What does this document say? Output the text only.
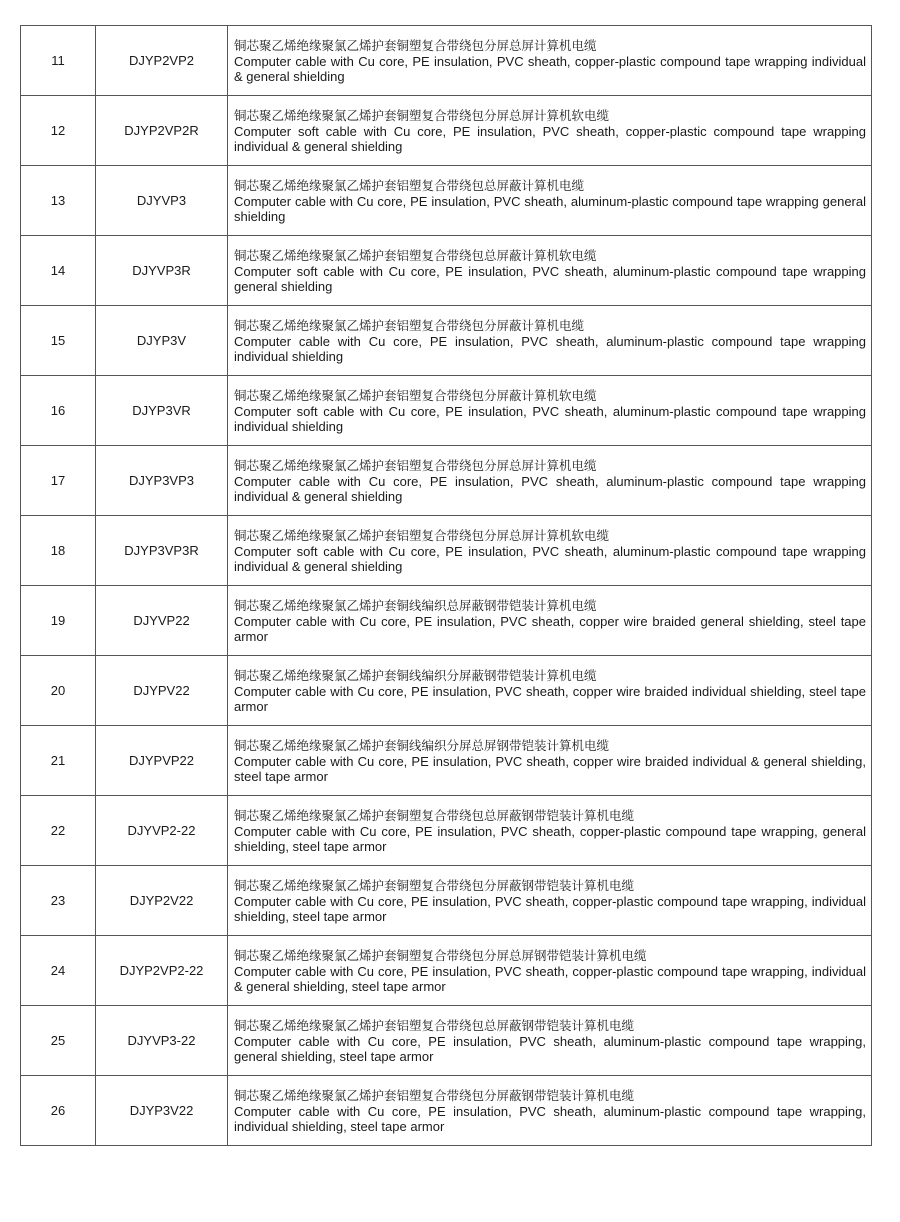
11	DJYP2VP2	铜芯聚乙烯绝缘聚氯乙烯护套铜塑复合带绕包分屏总屏计算机电缆
Computer cable with Cu core, PE insulation, PVC sheath, copper-plastic compound tape wrapping individual & general shielding

12	DJYP2VP2R	铜芯聚乙烯绝缘聚氯乙烯护套铜塑复合带绕包分屏总屏计算机软电缆
Computer soft cable with Cu core, PE insulation, PVC sheath, copper-plastic compound tape wrapping individual & general shielding

13	DJYVP3	铜芯聚乙烯绝缘聚氯乙烯护套铝塑复合带绕包总屏蔽计算机电缆
Computer cable with Cu core, PE insulation, PVC sheath, aluminum-plastic compound tape wrapping general shielding

14	DJYVP3R	铜芯聚乙烯绝缘聚氯乙烯护套铝塑复合带绕包总屏蔽计算机软电缆
Computer soft cable with Cu core, PE insulation, PVC sheath, aluminum-plastic compound tape wrapping general shielding

15	DJYP3V	铜芯聚乙烯绝缘聚氯乙烯护套铝塑复合带绕包分屏蔽计算机电缆
Computer cable with Cu core, PE insulation, PVC sheath, aluminum-plastic compound tape wrapping individual shielding

16	DJYP3VR	铜芯聚乙烯绝缘聚氯乙烯护套铝塑复合带绕包分屏蔽计算机软电缆
Computer soft cable with Cu core, PE insulation, PVC sheath, aluminum-plastic compound tape wrapping individual shielding

17	DJYP3VP3	铜芯聚乙烯绝缘聚氯乙烯护套铝塑复合带绕包分屏总屏计算机电缆
Computer cable with Cu core, PE insulation, PVC sheath, aluminum-plastic compound tape wrapping individual & general shielding

18	DJYP3VP3R	铜芯聚乙烯绝缘聚氯乙烯护套铝塑复合带绕包分屏总屏计算机软电缆
Computer soft cable with Cu core, PE insulation, PVC sheath, aluminum-plastic compound tape wrapping individual & general shielding

19	DJYVP22	铜芯聚乙烯绝缘聚氯乙烯护套铜线编织总屏蔽钢带铠装计算机电缆
Computer cable with Cu core, PE insulation, PVC sheath, copper wire braided general shielding, steel tape armor

20	DJYPV22	铜芯聚乙烯绝缘聚氯乙烯护套铜线编织分屏蔽钢带铠装计算机电缆
Computer cable with Cu core, PE insulation, PVC sheath, copper wire braided individual shielding, steel tape armor

21	DJYPVP22	铜芯聚乙烯绝缘聚氯乙烯护套铜线编织分屏总屏钢带铠装计算机电缆
Computer cable with Cu core, PE insulation, PVC sheath, copper wire braided individual & general shielding, steel tape armor

22	DJYVP2-22	铜芯聚乙烯绝缘聚氯乙烯护套铜塑复合带绕包总屏蔽钢带铠装计算机电缆
Computer cable with Cu core, PE insulation, PVC sheath, copper-plastic compound tape wrapping, general shielding, steel tape armor

23	DJYP2V22	铜芯聚乙烯绝缘聚氯乙烯护套铜塑复合带绕包分屏蔽钢带铠装计算机电缆
Computer cable with Cu core, PE insulation, PVC sheath, copper-plastic compound tape wrapping, individual shielding, steel tape armor

24	DJYP2VP2-22	铜芯聚乙烯绝缘聚氯乙烯护套铜塑复合带绕包分屏总屏钢带铠装计算机电缆
Computer cable with Cu core, PE insulation, PVC sheath, copper-plastic compound tape wrapping, individual & general shielding, steel tape armor

25	DJYVP3-22	铜芯聚乙烯绝缘聚氯乙烯护套铝塑复合带绕包总屏蔽钢带铠装计算机电缆
Computer cable with Cu core, PE insulation, PVC sheath, aluminum-plastic compound tape wrapping, general shielding, steel tape armor

26	DJYP3V22	铜芯聚乙烯绝缘聚氯乙烯护套铝塑复合带绕包分屏蔽钢带铠装计算机电缆
Computer cable with Cu core, PE insulation, PVC sheath, aluminum-plastic compound tape wrapping, individual shielding, steel tape armor
